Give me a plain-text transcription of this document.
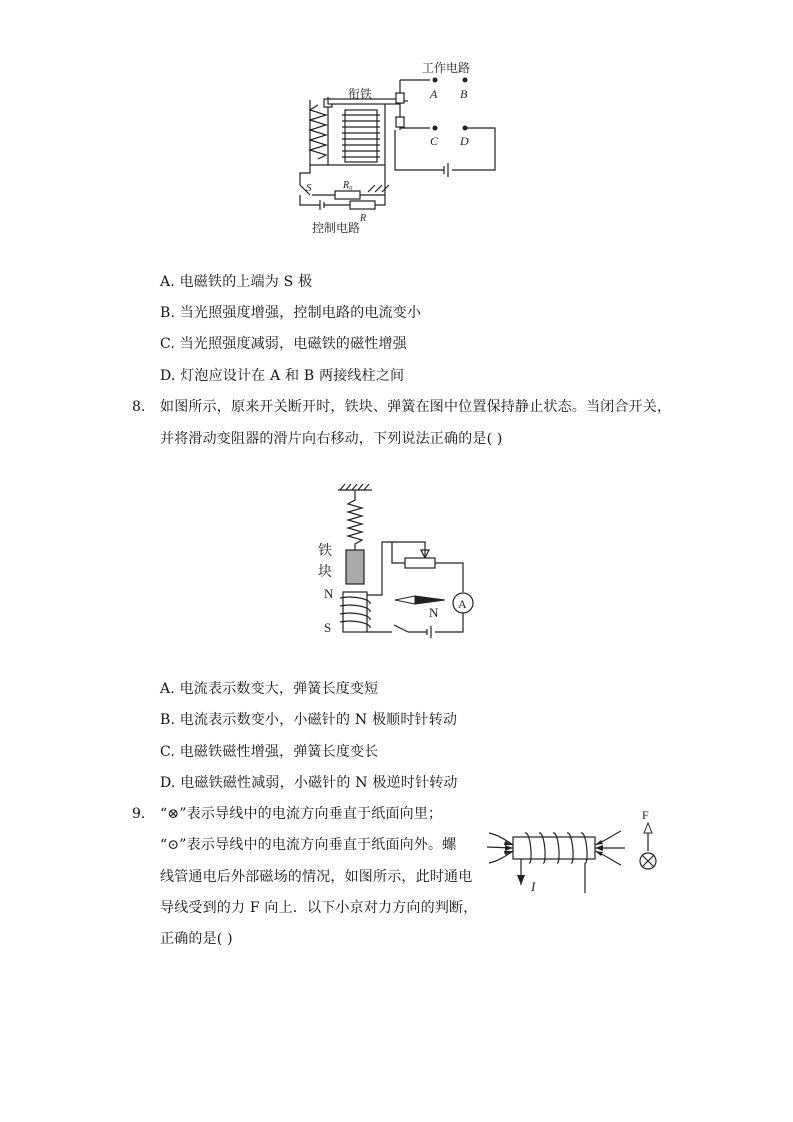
衔铁
工作电路
A B
C D
S	R₀
R
控制电路
A. 电磁铁的上端为 S 极
B. 当光照强度增强，控制电路的电流变小
C. 当光照强度减弱，电磁铁的磁性增强
D. 灯泡应设计在 A 和 B 两接线柱之间
8. 如图所示，原来开关断开时，铁块、弹簧在图中位置保持静止状态。当闭合开关，
并将滑动变阻器的滑片向右移动，下列说法正确的是( )
铁
块
N
S
N
A
A. 电流表示数变大，弹簧长度变短
B. 电流表示数变小，小磁针的 N 极顺时针转动
C. 电磁铁磁性增强，弹簧长度变长
D. 电磁铁磁性减弱，小磁针的 N 极逆时针转动
9. “⊗”表示导线中的电流方向垂直于纸面向里；
“⊙”表示导线中的电流方向垂直于纸面向外。螺
线管通电后外部磁场的情况，如图所示，此时通电
导线受到的力 F 向上．以下小京对力方向的判断，
正确的是( )
F
I
